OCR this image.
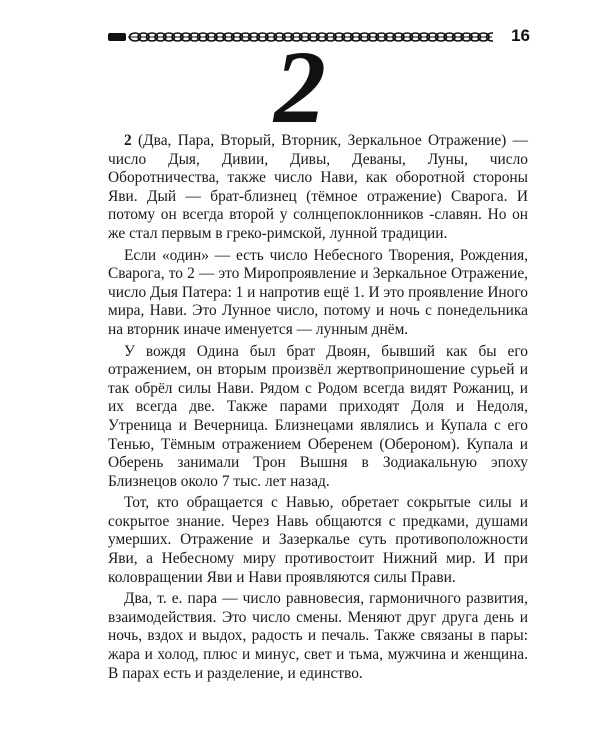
16
2

2 (Два, Пара, Вторый, Вторник, Зеркальное Отражение) — число Дыя, Дивии, Дивы, Деваны, Луны, число Оборотничества, также число Нави, как оборотной стороны Яви. Дый — брат-близнец (тёмное отражение) Сварога. И потому он всегда второй у солнцепоклонников -славян. Но он же стал первым в греко-римской, лунной традиции.

Если «один» — есть число Небесного Творения, Рождения, Сварога, то 2 — это Миропроявление и Зеркальное Отражение, число Дыя Патера: 1 и напротив ещё 1. И это проявление Иного мира, Нави. Это Лунное число, потому и ночь с понедельника на вторник иначе именуется — лунным днём.

У вождя Одина был брат Двоян, бывший как бы его отражением, он вторым произвёл жертвоприношение сурьей и так обрёл силы Нави. Рядом с Родом всегда видят Рожаниц, и их всегда две. Также парами приходят Доля и Недоля, Утреница и Вечерница. Близнецами являлись и Купала с его Тенью, Тёмным отражением Оберенем (Обероном). Купала и Оберень занимали Трон Вышня в Зодиакальную эпоху Близнецов около 7 тыс. лет назад.

Тот, кто обращается с Навью, обретает сокрытые силы и сокрытое знание. Через Навь общаются с предками, душами умерших. Отражение и Зазеркалье суть противоположности Яви, а Небесному миру противостоит Нижний мир. И при коловращении Яви и Нави проявляются силы Прави.

Два, т. е. пара — число равновесия, гармоничного развития, взаимодействия. Это число смены. Меняют друг друга день и ночь, вздох и выдох, радость и печаль. Также связаны в пары: жара и холод, плюс и минус, свет и тьма, мужчина и женщина. В парах есть и разделение, и единство.
